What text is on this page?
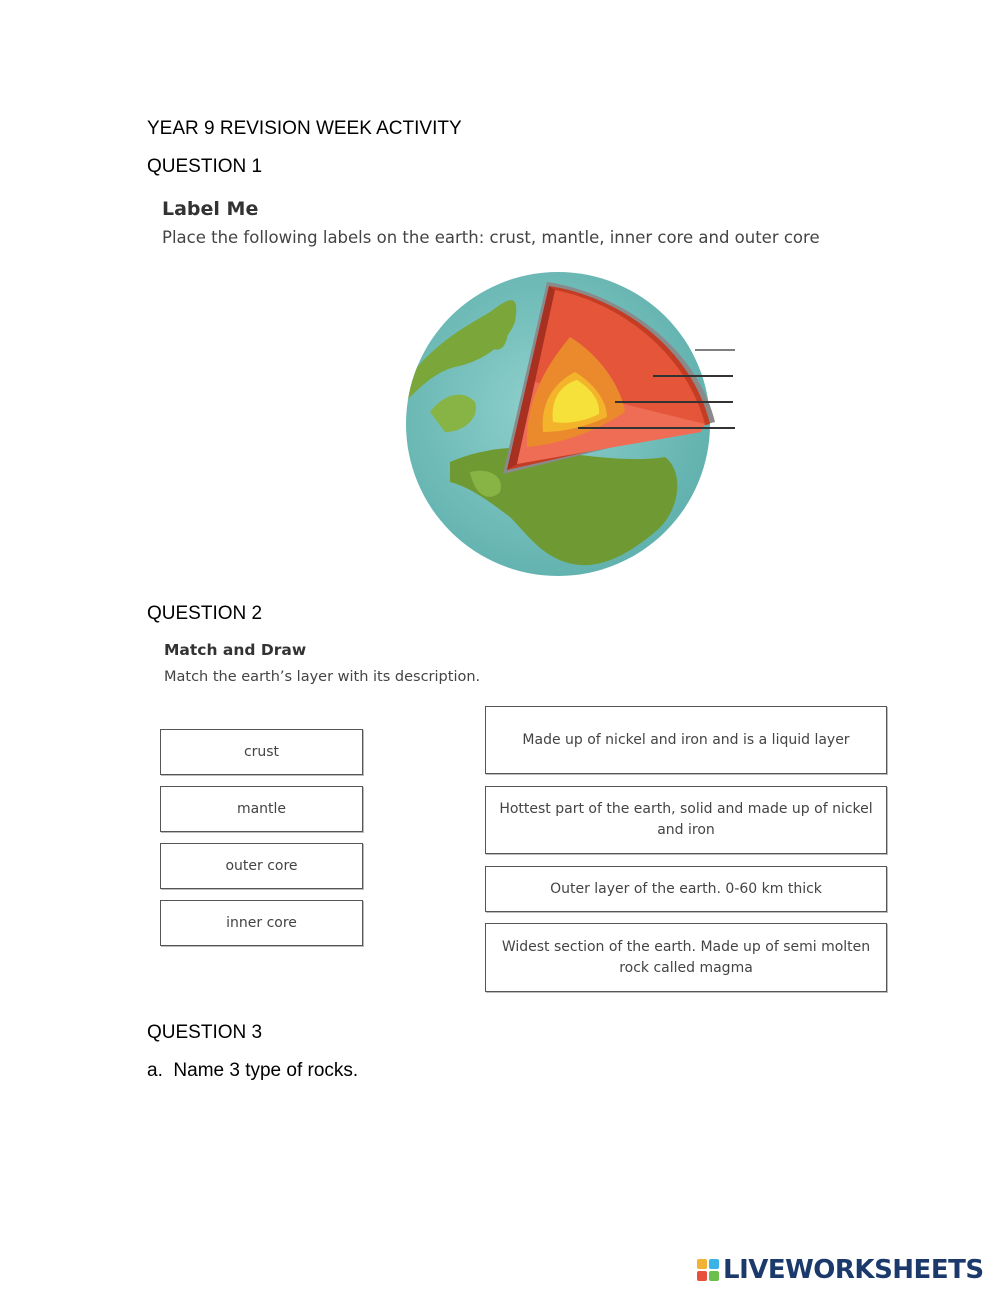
YEAR 9 REVISION WEEK ACTIVITY
QUESTION 1
Label Me
Place the following labels on the earth: crust, mantle, inner core and outer core
QUESTION 2
Match and Draw
Match the earth’s layer with its description.
crust
mantle
outer core
inner core
Made up of nickel and iron and is a liquid layer
Hottest part of the earth, solid and made up of nickel and iron
Outer layer of the earth. 0-60 km thick
Widest section of the earth. Made up of semi molten rock called magma
QUESTION 3
a.  Name 3 type of rocks.
LIVEWORKSHEETS
